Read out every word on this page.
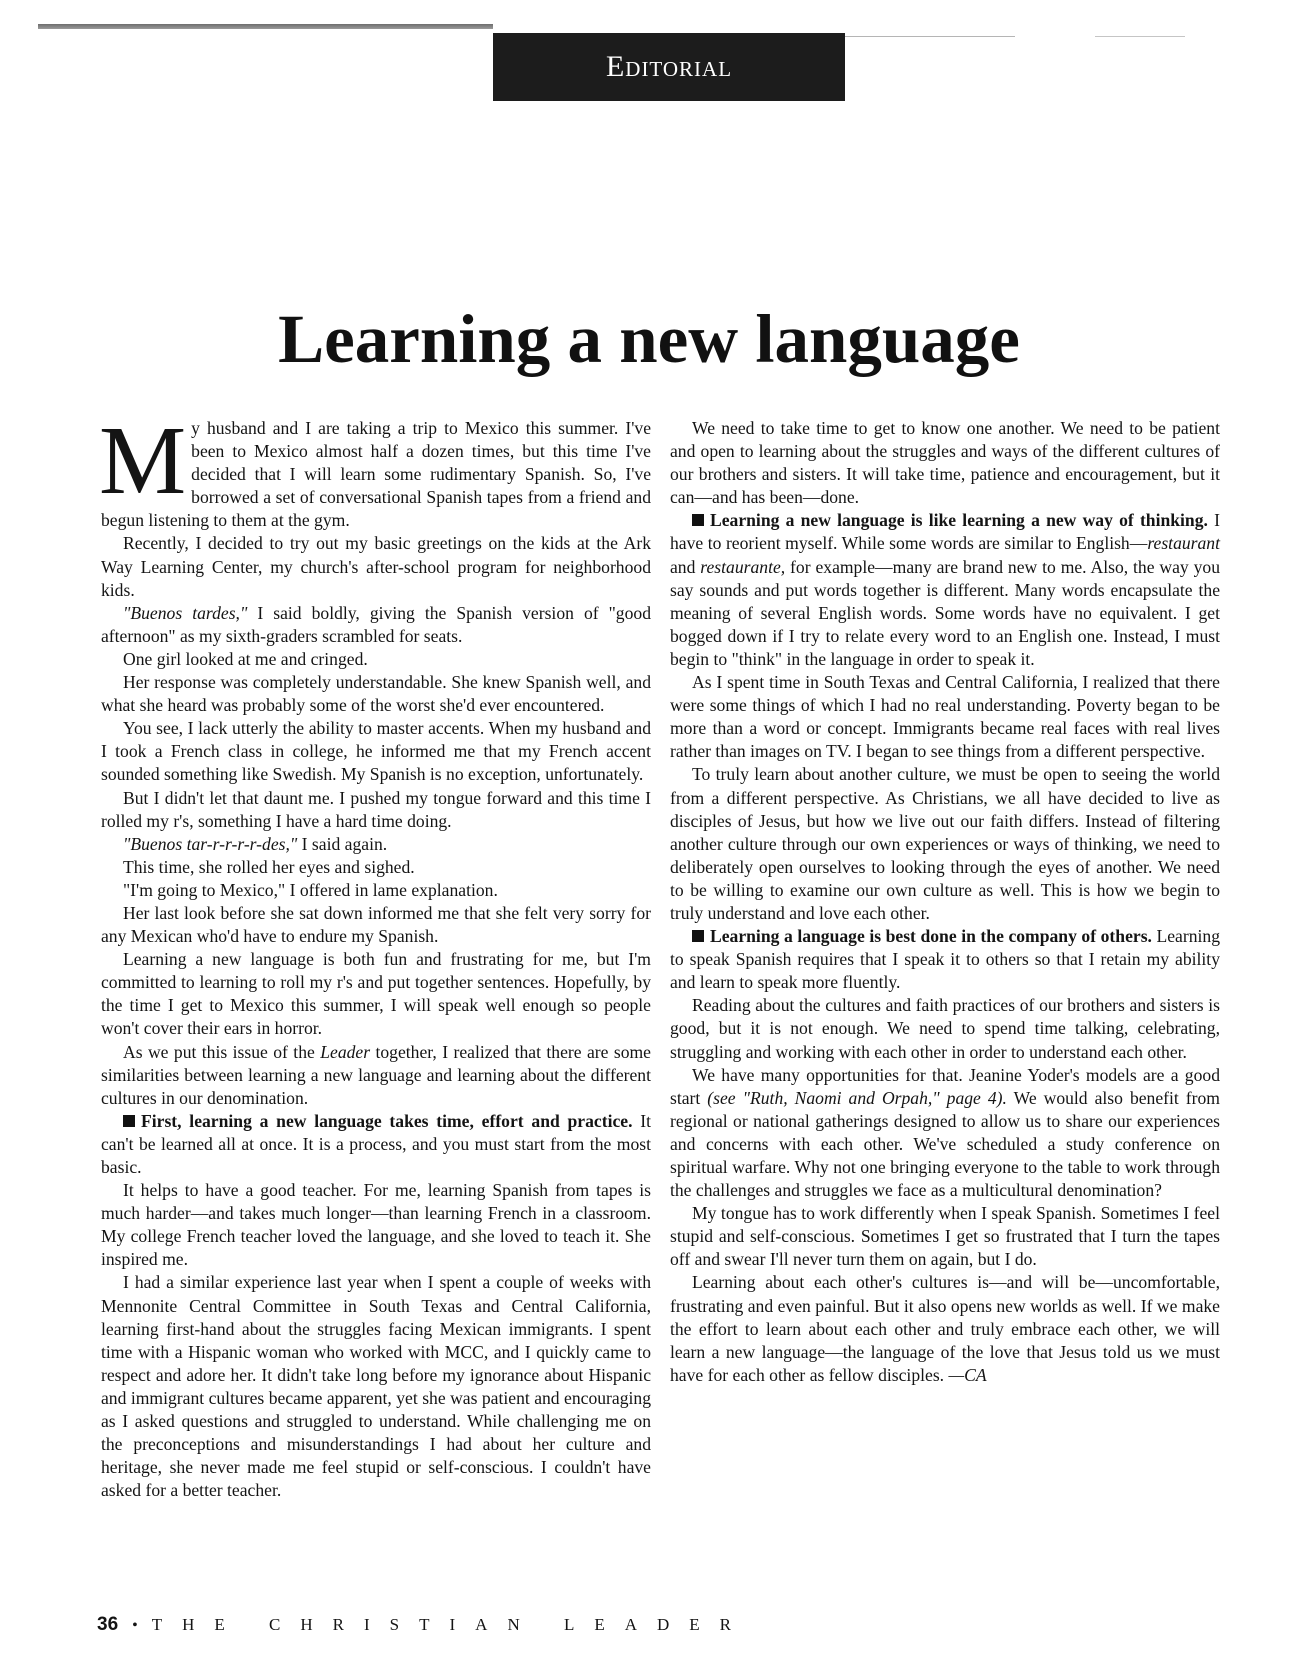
Editorial
Learning a new language

My husband and I are taking a trip to Mexico this summer. I've been to Mexico almost half a dozen times, but this time I've decided that I will learn some rudimentary Spanish. So, I've borrowed a set of conversational Spanish tapes from a friend and begun listening to them at the gym.

Recently, I decided to try out my basic greetings on the kids at the Ark Way Learning Center, my church's after-school program for neighborhood kids.

"Buenos tardes," I said boldly, giving the Spanish version of "good afternoon" as my sixth-graders scrambled for seats.

One girl looked at me and cringed.

Her response was completely understandable. She knew Spanish well, and what she heard was probably some of the worst she'd ever encountered.

You see, I lack utterly the ability to master accents. When my husband and I took a French class in college, he informed me that my French accent sounded something like Swedish. My Spanish is no exception, unfortunately.

But I didn't let that daunt me. I pushed my tongue forward and this time I rolled my r's, something I have a hard time doing.

"Buenos tar-r-r-r-r-des," I said again.

This time, she rolled her eyes and sighed.

"I'm going to Mexico," I offered in lame explanation.

Her last look before she sat down informed me that she felt very sorry for any Mexican who'd have to endure my Spanish.

Learning a new language is both fun and frustrating for me, but I'm committed to learning to roll my r's and put together sentences. Hopefully, by the time I get to Mexico this summer, I will speak well enough so people won't cover their ears in horror.

As we put this issue of the Leader together, I realized that there are some similarities between learning a new language and learning about the different cultures in our denomination.

First, learning a new language takes time, effort and practice. It can't be learned all at once. It is a process, and you must start from the most basic.

It helps to have a good teacher. For me, learning Spanish from tapes is much harder—and takes much longer—than learning French in a classroom. My college French teacher loved the language, and she loved to teach it. She inspired me.

I had a similar experience last year when I spent a couple of weeks with Mennonite Central Committee in South Texas and Central California, learning first-hand about the struggles facing Mexican immigrants. I spent time with a Hispanic woman who worked with MCC, and I quickly came to respect and adore her. It didn't take long before my ignorance about Hispanic and immigrant cultures became apparent, yet she was patient and encouraging as I asked questions and struggled to understand. While challenging me on the preconceptions and misunderstandings I had about her culture and heritage, she never made me feel stupid or self-conscious. I couldn't have asked for a better teacher.

We need to take time to get to know one another. We need to be patient and open to learning about the struggles and ways of the different cultures of our brothers and sisters. It will take time, patience and encouragement, but it can—and has been—done.

Learning a new language is like learning a new way of thinking. I have to reorient myself. While some words are similar to English—restaurant and restaurante, for example—many are brand new to me. Also, the way you say sounds and put words together is different. Many words encapsulate the meaning of several English words. Some words have no equivalent. I get bogged down if I try to relate every word to an English one. Instead, I must begin to "think" in the language in order to speak it.

As I spent time in South Texas and Central California, I realized that there were some things of which I had no real understanding. Poverty began to be more than a word or concept. Immigrants became real faces with real lives rather than images on TV. I began to see things from a different perspective.

To truly learn about another culture, we must be open to seeing the world from a different perspective. As Christians, we all have decided to live as disciples of Jesus, but how we live out our faith differs. Instead of filtering another culture through our own experiences or ways of thinking, we need to deliberately open ourselves to looking through the eyes of another. We need to be willing to examine our own culture as well. This is how we begin to truly understand and love each other.

Learning a language is best done in the company of others. Learning to speak Spanish requires that I speak it to others so that I retain my ability and learn to speak more fluently.

Reading about the cultures and faith practices of our brothers and sisters is good, but it is not enough. We need to spend time talking, celebrating, struggling and working with each other in order to understand each other.

We have many opportunities for that. Jeanine Yoder's models are a good start (see "Ruth, Naomi and Orpah," page 4). We would also benefit from regional or national gatherings designed to allow us to share our experiences and concerns with each other. We've scheduled a study conference on spiritual warfare. Why not one bringing everyone to the table to work through the challenges and struggles we face as a multicultural denomination?

My tongue has to work differently when I speak Spanish. Sometimes I feel stupid and self-conscious. Sometimes I get so frustrated that I turn the tapes off and swear I'll never turn them on again, but I do.

Learning about each other's cultures is—and will be—uncomfortable, frustrating and even painful. But it also opens new worlds as well. If we make the effort to learn about each other and truly embrace each other, we will learn a new language—the language of the love that Jesus told us we must have for each other as fellow disciples. —CA

36 • THE CHRISTIAN LEADER
